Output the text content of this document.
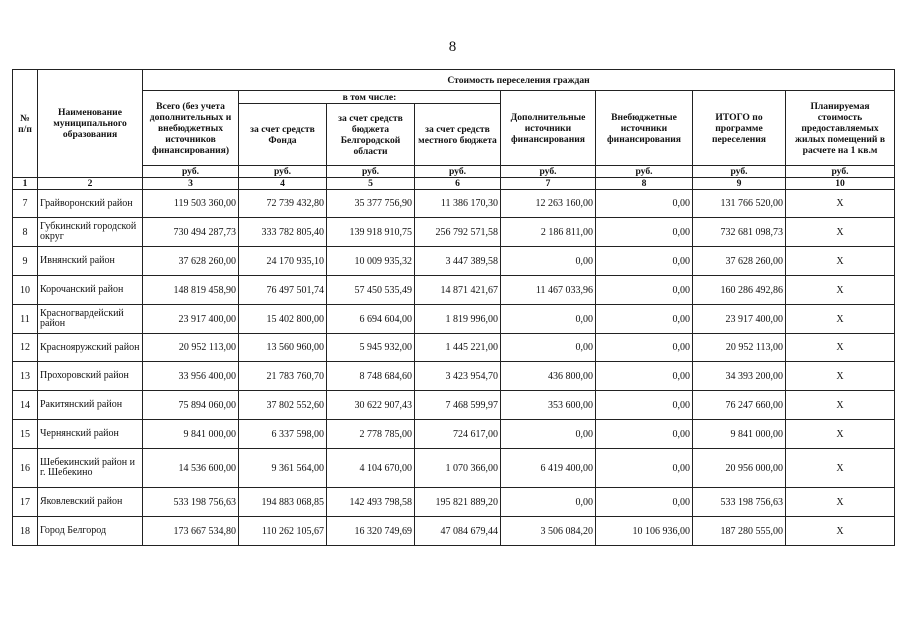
8
№ п/п	Наименование муниципального образования	Стоимость переселения граждан							
		Всего (без учета дополнительных и внебюджетных источников финансирования)	в том числе:			Дополнительные источники финансирования	Внебюджетные источники финансирования	ИТОГО по программе переселения	Планируемая стоимость предоставляемых жилых помещений в расчете на 1 кв.м
			за счет средств Фонда	за счет средств бюджета Белгородской области	за счет средств местного бюджета				
		руб.	руб.	руб.	руб.	руб.	руб.	руб.	руб.
1	2	3	4	5	6	7	8	9	10
7	Грайворонский район	119 503 360,00	72 739 432,80	35 377 756,90	11 386 170,30	12 263 160,00	0,00	131 766 520,00	X
8	Губкинский городской округ	730 494 287,73	333 782 805,40	139 918 910,75	256 792 571,58	2 186 811,00	0,00	732 681 098,73	X
9	Ивнянский район	37 628 260,00	24 170 935,10	10 009 935,32	3 447 389,58	0,00	0,00	37 628 260,00	X
10	Корочанский район	148 819 458,90	76 497 501,74	57 450 535,49	14 871 421,67	11 467 033,96	0,00	160 286 492,86	X
11	Красногвардейский район	23 917 400,00	15 402 800,00	6 694 604,00	1 819 996,00	0,00	0,00	23 917 400,00	X
12	Краснояружский район	20 952 113,00	13 560 960,00	5 945 932,00	1 445 221,00	0,00	0,00	20 952 113,00	X
13	Прохоровский район	33 956 400,00	21 783 760,70	8 748 684,60	3 423 954,70	436 800,00	0,00	34 393 200,00	X
14	Ракитянский район	75 894 060,00	37 802 552,60	30 622 907,43	7 468 599,97	353 600,00	0,00	76 247 660,00	X
15	Чернянский район	9 841 000,00	6 337 598,00	2 778 785,00	724 617,00	0,00	0,00	9 841 000,00	X
16	Шебекинский район и г. Шебекино	14 536 600,00	9 361 564,00	4 104 670,00	1 070 366,00	6 419 400,00	0,00	20 956 000,00	X
17	Яковлевский район	533 198 756,63	194 883 068,85	142 493 798,58	195 821 889,20	0,00	0,00	533 198 756,63	X
18	Город Белгород	173 667 534,80	110 262 105,67	16 320 749,69	47 084 679,44	3 506 084,20	10 106 936,00	187 280 555,00	X
